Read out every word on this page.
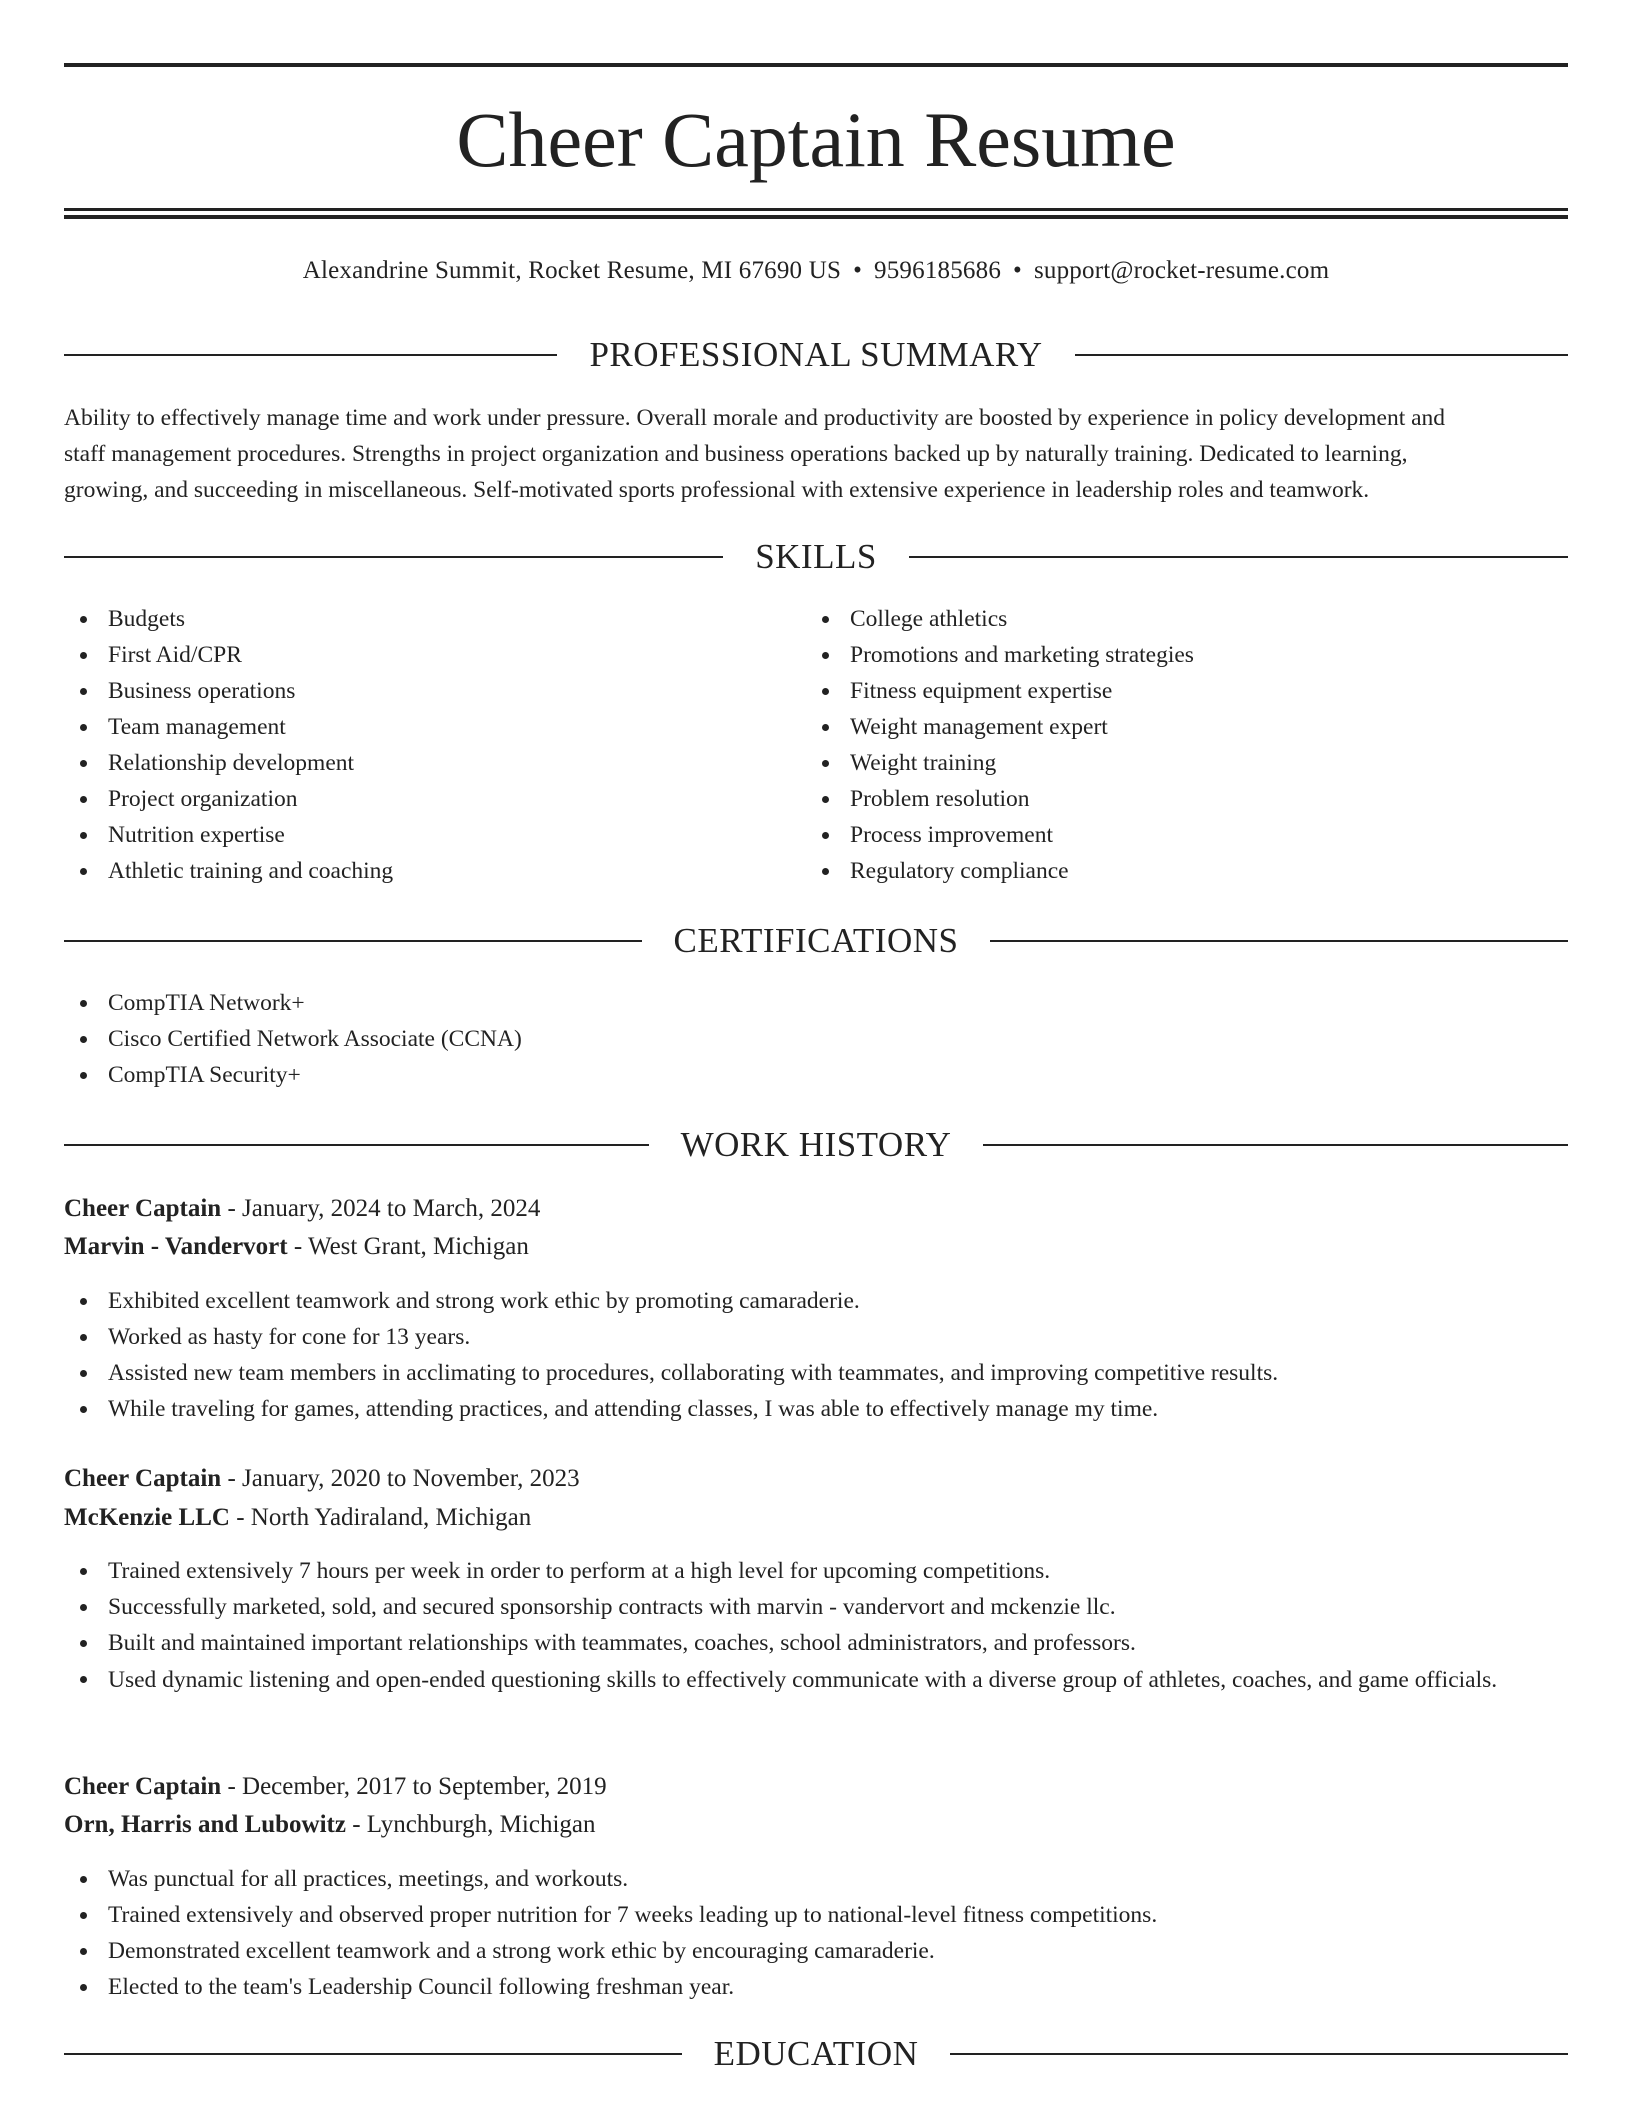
Cheer Captain Resume
Alexandrine Summit, Rocket Resume, MI 67690 US • 9596185686 • support@rocket-resume.com
PROFESSIONAL SUMMARY
Ability to effectively manage time and work under pressure. Overall morale and productivity are boosted by experience in policy development and
staff management procedures. Strengths in project organization and business operations backed up by naturally training. Dedicated to learning,
growing, and succeeding in miscellaneous. Self-motivated sports professional with extensive experience in leadership roles and teamwork.
SKILLS
Budgets
First Aid/CPR
Business operations
Team management
Relationship development
Project organization
Nutrition expertise
Athletic training and coaching
College athletics
Promotions and marketing strategies
Fitness equipment expertise
Weight management expert
Weight training
Problem resolution
Process improvement
Regulatory compliance
CERTIFICATIONS
CompTIA Network+
Cisco Certified Network Associate (CCNA)
CompTIA Security+
WORK HISTORY
Cheer Captain - January, 2024 to March, 2024
Marvin - Vandervort - West Grant, Michigan
Exhibited excellent teamwork and strong work ethic by promoting camaraderie.
Worked as hasty for cone for 13 years.
Assisted new team members in acclimating to procedures, collaborating with teammates, and improving competitive results.
While traveling for games, attending practices, and attending classes, I was able to effectively manage my time.
Cheer Captain - January, 2020 to November, 2023
McKenzie LLC - North Yadiraland, Michigan
Trained extensively 7 hours per week in order to perform at a high level for upcoming competitions.
Successfully marketed, sold, and secured sponsorship contracts with marvin - vandervort and mckenzie llc.
Built and maintained important relationships with teammates, coaches, school administrators, and professors.
Used dynamic listening and open-ended questioning skills to effectively communicate with a diverse group of athletes, coaches, and game officials.
Cheer Captain - December, 2017 to September, 2019
Orn, Harris and Lubowitz - Lynchburgh, Michigan
Was punctual for all practices, meetings, and workouts.
Trained extensively and observed proper nutrition for 7 weeks leading up to national-level fitness competitions.
Demonstrated excellent teamwork and a strong work ethic by encouraging camaraderie.
Elected to the team's Leadership Council following freshman year.
EDUCATION
